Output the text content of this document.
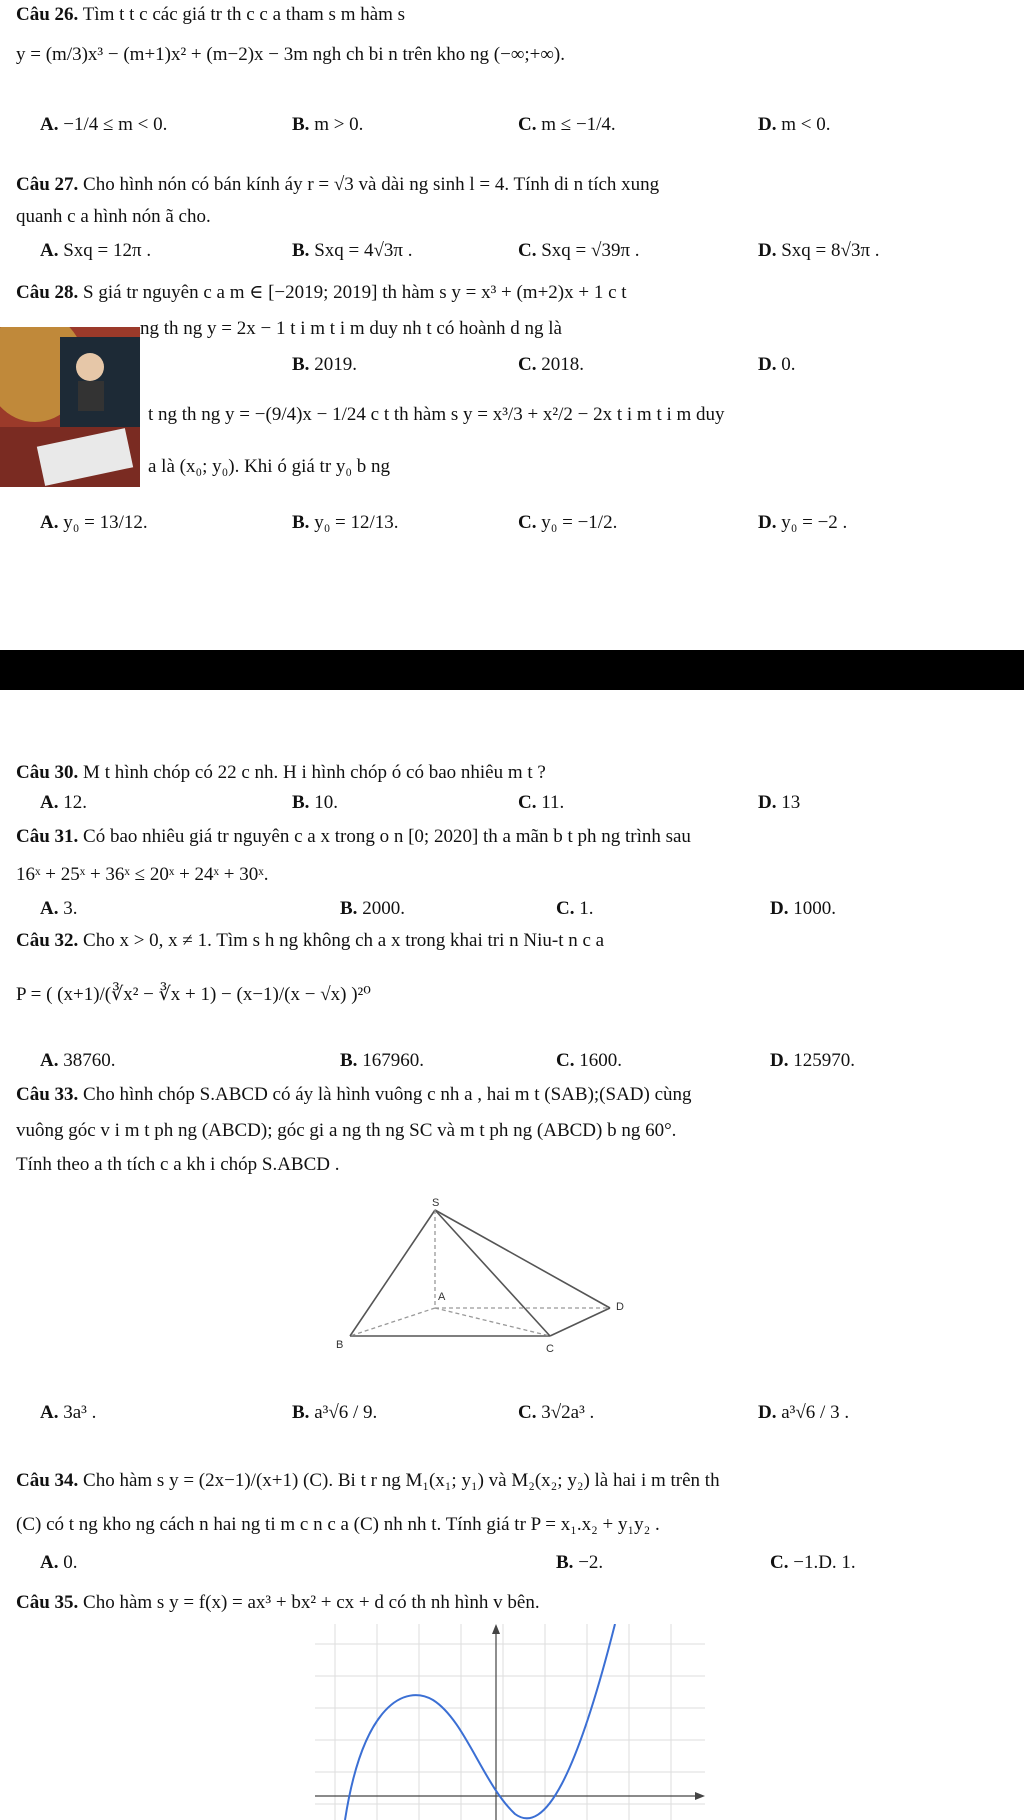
Câu 26. Tìm t t c các giá tr th c c a tham s m hàm s
y = (m/3)x³ − (m+1)x² + (m−2)x − 3m ngh ch bi n trên kho ng (−∞;+∞).
A. −1/4 ≤ m < 0.	B. m > 0.	C. m ≤ −1/4.	D. m < 0.
Câu 27. Cho hình nón có bán kính áy r = √3 và dài ng sinh l = 4. Tính di n tích xung
quanh c a hình nón ã cho.
A. Sxq = 12π .	B. Sxq = 4√3π .	C. Sxq = √39π .	D. Sxq = 8√3π .
Câu 28. S giá tr nguyên c a m ∈ [−2019; 2019] th hàm s y = x³ + (m+2)x + 1 c t
ng th ng y = 2x − 1 t i m t i m duy nh t có hoành d ng là
B. 2019.	C. 2018.	D. 0.
t ng th ng y = −(9/4)x − 1/24 c t th hàm s y = x³/3 + x²/2 − 2x t i m t i m duy
a là (x₀; y₀). Khi ó giá tr y₀ b ng
A. y₀ = 13/12.	B. y₀ = 12/13.	C. y₀ = −1/2.	D. y₀ = −2 .
Câu 30. M t hình chóp có 22 c nh. H i hình chóp ó có bao nhiêu m t ?
A. 12.	B. 10.	C. 11.	D. 13
Câu 31. Có bao nhiêu giá tr nguyên c a x trong o n [0; 2020] th a mãn b t ph ng trình sau
16ˣ + 25ˣ + 36ˣ ≤ 20ˣ + 24ˣ + 30ˣ.
A. 3.	B. 2000.	C. 1.	D. 1000.
Câu 32. Cho x > 0, x ≠ 1. Tìm s h ng không ch a x trong khai tri n Niu-t n c a
P = ( (x+1)/(∛x² − ∛x + 1) − (x−1)/(x − √x) )²⁰
A. 38760.	B. 167960.	C. 1600.	D. 125970.
Câu 33. Cho hình chóp S.ABCD có áy là hình vuông c nh a , hai m t (SAB);(SAD) cùng
vuông góc v i m t ph ng (ABCD); góc gi a ng th ng SC và m t ph ng (ABCD) b ng 60°.
Tính theo a th tích c a kh i chóp S.ABCD .
A. 3a³ .	B. a³√6 / 9.	C. 3√2a³ .	D. a³√6 / 3 .
Câu 34. Cho hàm s y = (2x−1)/(x+1) (C). Bi t r ng M₁(x₁; y₁) và M₂(x₂; y₂) là hai i m trên th
(C) có t ng kho ng cách n hai ng ti m c n c a (C) nh nh t. Tính giá tr P = x₁.x₂ + y₁y₂ .
A. 0.	B. −2.	C. −1.D. 1.
Câu 35. Cho hàm s y = f(x) = ax³ + bx² + cx + d có th nh hình v bên.
S
A
B	C
D
